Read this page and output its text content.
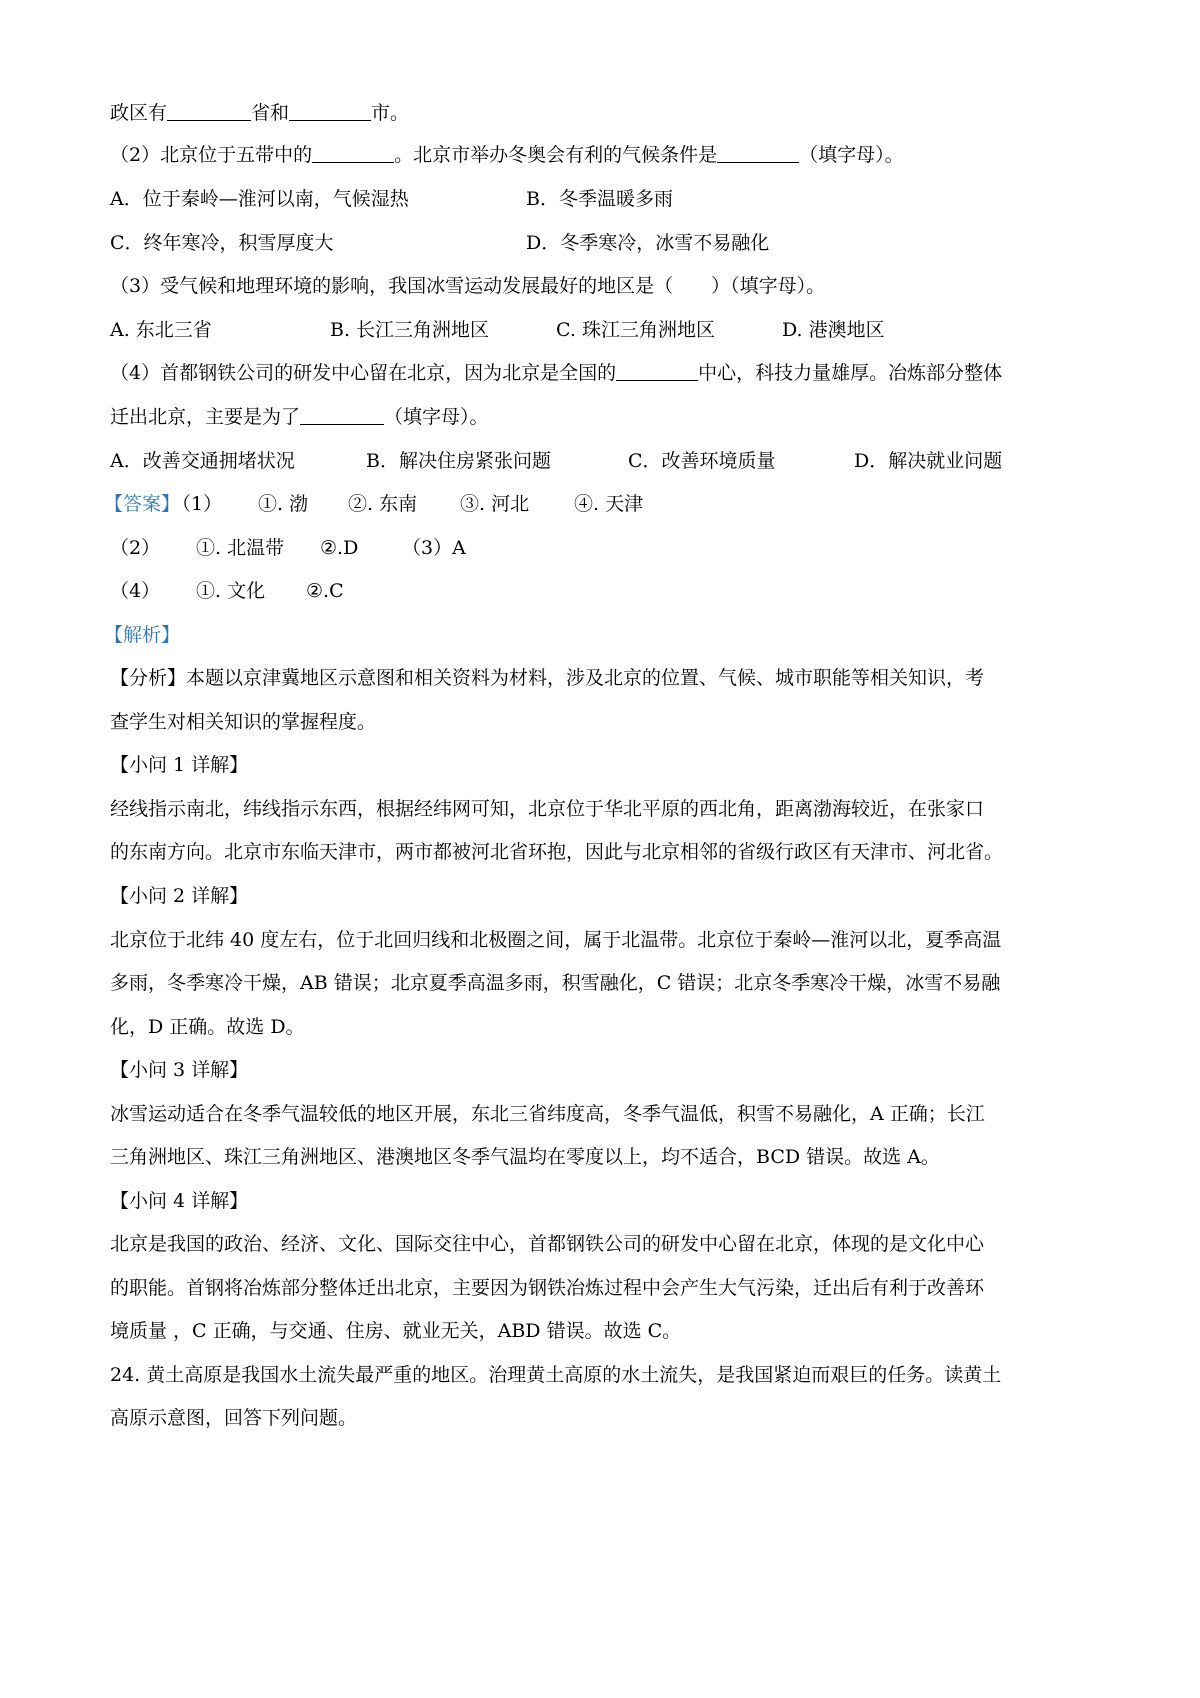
政区有	省和	市。
（2）北京位于五带中的	。北京市举办冬奥会有利的气候条件是	（填字母）。
A．位于秦岭—淮河以南，气候湿热	B．冬季温暖多雨
C．终年寒冷，积雪厚度大	D．冬季寒冷，冰雪不易融化
（3）受气候和地理环境的影响，我国冰雪运动发展最好的地区是（　　）（填字母）。
A. 东北三省	B. 长江三角洲地区	C. 珠江三角洲地区	D. 港澳地区
（4）首都钢铁公司的研发中心留在北京，因为北京是全国的	中心，科技力量雄厚。冶炼部分整体
迁出北京，主要是为了	（填字母）。
A．改善交通拥堵状况	B．解决住房紧张问题	C．改善环境质量	D．解决就业问题
【答案】
（1） ①. 渤 ②. 东南 ③. 河北 ④. 天津
（2） ①. 北温带 ②.D （3）A
（4） ①. 文化 ②.C
【解析】
【分析】本题以京津冀地区示意图和相关资料为材料，涉及北京的位置、气候、城市职能等相关知识，考
查学生对相关知识的掌握程度。
【小问 1 详解】
经线指示南北，纬线指示东西，根据经纬网可知，北京位于华北平原的西北角，距离渤海较近，在张家口
的东南方向。北京市东临天津市，两市都被河北省环抱，因此与北京相邻的省级行政区有天津市、河北省。
【小问 2 详解】
北京位于北纬 40 度左右，位于北回归线和北极圈之间，属于北温带。北京位于秦岭—淮河以北，夏季高温
多雨，冬季寒冷干燥，AB 错误；北京夏季高温多雨，积雪融化，C 错误；北京冬季寒冷干燥，冰雪不易融
化，D 正确。故选 D。
【小问 3 详解】
冰雪运动适合在冬季气温较低的地区开展，东北三省纬度高，冬季气温低，积雪不易融化，A 正确；长江
三角洲地区、珠江三角洲地区、港澳地区冬季气温均在零度以上，均不适合，BCD 错误。故选 A。
【小问 4 详解】
北京是我国的政治、经济、文化、国际交往中心，首都钢铁公司的研发中心留在北京，体现的是文化中心
的职能。首钢将冶炼部分整体迁出北京，主要因为钢铁冶炼过程中会产生大气污染，迁出后有利于改善环
境质量 ，C 正确，与交通、住房、就业无关，ABD 错误。故选 C。
24. 黄土高原是我国水土流失最严重的地区。治理黄土高原的水土流失，是我国紧迫而艰巨的任务。读黄土
高原示意图，回答下列问题。
